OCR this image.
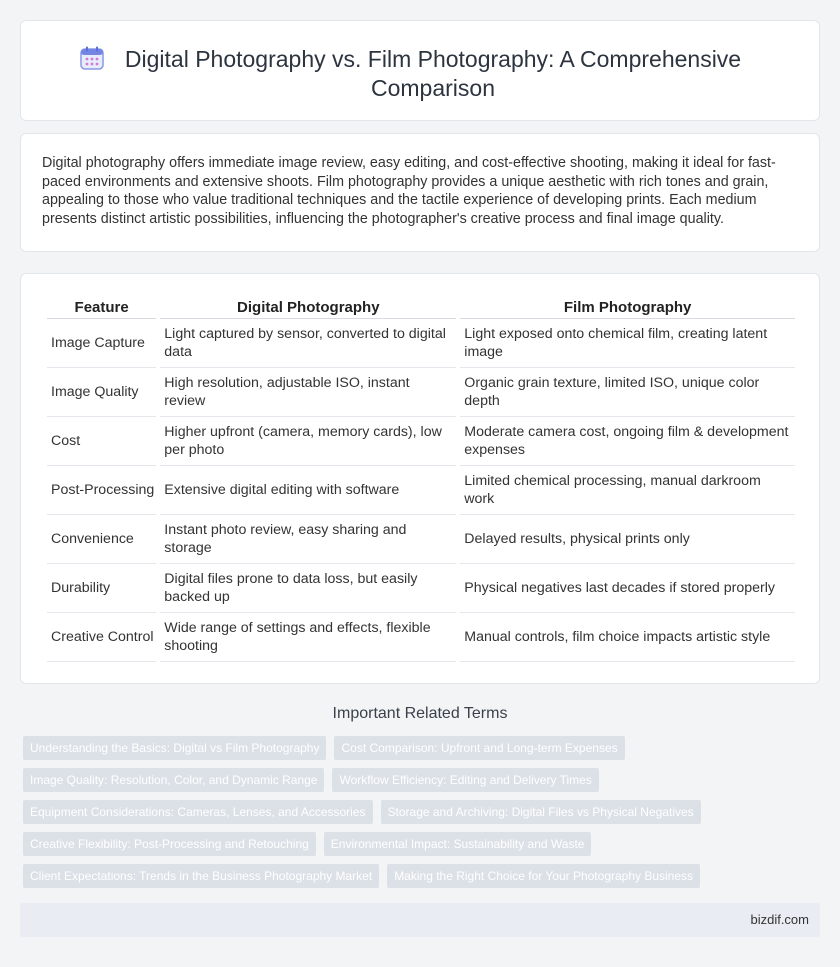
Digital Photography vs. Film Photography: A Comprehensive Comparison

Digital photography offers immediate image review, easy editing, and cost-effective shooting, making it ideal for fast-paced environments and extensive shoots. Film photography provides a unique aesthetic with rich tones and grain, appealing to those who value traditional techniques and the tactile experience of developing prints. Each medium presents distinct artistic possibilities, influencing the photographer's creative process and final image quality.

Feature	Digital Photography	Film Photography
Image Capture	Light captured by sensor, converted to digital data	Light exposed onto chemical film, creating latent image
Image Quality	High resolution, adjustable ISO, instant review	Organic grain texture, limited ISO, unique color depth
Cost	Higher upfront (camera, memory cards), low per photo	Moderate camera cost, ongoing film & development expenses
Post-Processing	Extensive digital editing with software	Limited chemical processing, manual darkroom work
Convenience	Instant photo review, easy sharing and storage	Delayed results, physical prints only
Durability	Digital files prone to data loss, but easily backed up	Physical negatives last decades if stored properly
Creative Control	Wide range of settings and effects, flexible shooting	Manual controls, film choice impacts artistic style
Important Related Terms
Understanding the Basics: Digital vs Film Photography	Cost Comparison: Upfront and Long-term Expenses
Image Quality: Resolution, Color, and Dynamic Range	Workflow Efficiency: Editing and Delivery Times
Equipment Considerations: Cameras, Lenses, and Accessories	Storage and Archiving: Digital Files vs Physical Negatives
Creative Flexibility: Post-Processing and Retouching	Environmental Impact: Sustainability and Waste
Client Expectations: Trends in the Business Photography Market	Making the Right Choice for Your Photography Business
bizdif.com
